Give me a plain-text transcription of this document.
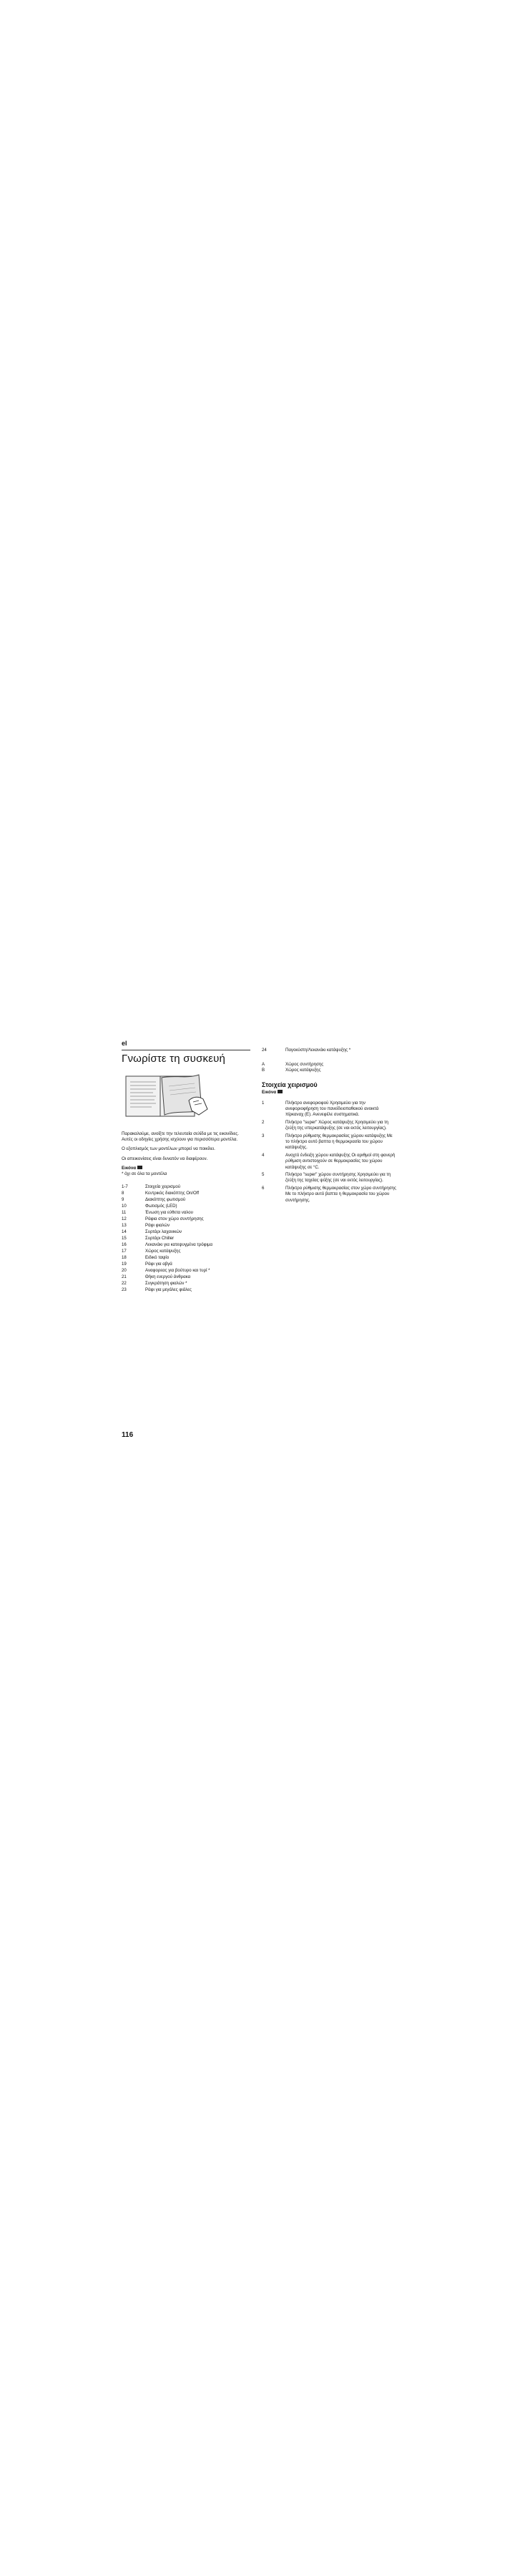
el
Γνωρίστε τη συσκευή

Παρακαλούμε, ανοίξτε την τελευταία σελίδα με τις εικονίδιες. Αυτές οι οδηγίες χρήσης ισχύουν για περισσότερα μοντέλα.

Ο εξοπλισμός των μοντέλων μπορεί να ποικίλει.

Οι απεικονίσεις είναι δυνατόν να διαφέρουν.

Εικόνα
* όχι σε όλα τα μοντέλα
1-7	Στοιχεία χειρισμού
8	Κεντρικός διακόπτης On/Off
9	Διακόπτης φωτισμού
10	Φωτισμός (LED)
11	Ένωση για εύθετα ναλου
12	Ράφια στον χώρο συντήρησης
13	Ράφι φιαλών
14	Συρτάρι λαχανικών
15	Συρτάρι Chiller
16	Λεκανάκι για κατεψυγμένα τρόφιμα
17	Χώρος κατάψυξης
18	Ειδικό ταψίο
19	Ράφι για αβγά
20	Αναφορεας για βούτυρο και τυρί *
21	Θήκη ενεργού άνθρακα
22	Συγκράτηση φιαλών *
23	Ράφι για μεγάλες φιάλες
24	Παγοκύστη/Λεκανάκι κατάψυξης *
A	Χώρος συντήρησης
B	Χώρος κατάψυξης
Στοιχεία χειρισμού
Εικόνα
1	Πλήκτρο ανεφοριοφού Χρησιμεύει για την ανεφοριοφήρηση του πανείδειοπαθακού ανοικτά πίρκαναχ (Ε). Ανενεφέλε συστηματικά.
2	Πλήκτρο "super" Χώρος κατάψυξης Χρησιμεύει για τη ζεύξη της υπερκατάψυξης (σε ναι εκτός λειτουργίας).
3	Πλήκτρο ρύθμισης θερμοκρασίας χώρου κατάψυξης Με το πλήκτρο αυτό βαπτα η θερμοκρασία του χώρου κατάψυξης.
4	Ανοχτό ένδειξη χώρου κατάψυξης Οι αριθμοί στη φανερή ρύθμιση αντιστοιχούν σε θερμοκρασίες του χώρου κατάψυξης σε °C.
5	Πλήκτρο "super" χώρου συντήρησης Χρησιμεύει για τη ζεύξη της ταχείας ψύξης (σε ναι εκτός λειτουργίας).
6	Πλήκτρο ρύθμισης θερμοκρασίας στον χώρο συντήρησης Με το πλήκτρο αυτό βαπτα η θερμοκρασία του χώρου συντήρησης.
116
